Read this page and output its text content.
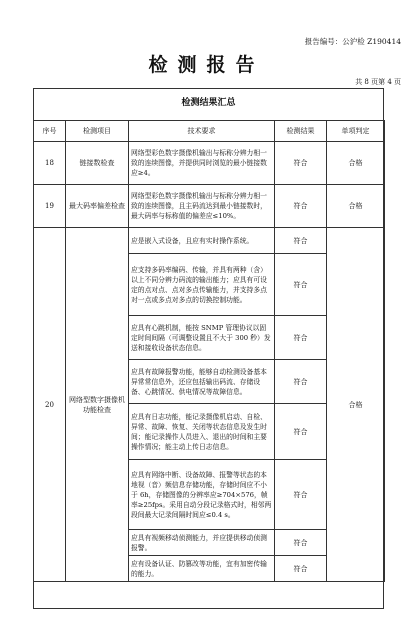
报告编号：公沪检 Z190414
检测报告
共 8 页第 4 页
检测结果汇总
序号	检测项目	技术要求	检测结果	单项判定
18	链接数检查	网络型彩色数字摄像机输出与标称分辨力相一致的连续图像，并提供同时浏览的最小链接数应≥4。	符合	合格
19	最大码率偏差检查	网络型彩色数字摄像机输出与标称分辨力相一致的连续图像，且主码流达到最小链接数时，最大码率与标称值的偏差应≤10%。	符合	合格
20	网络型数字摄像机功能检查	应是嵌入式设备，且应有实时操作系统。	符合	合格
		应支持多码率编码、传输，并具有两种（含）以上不同分辨力码流的输出能力；应具有可设定的点对点、点对多点传输能力，并支持多点对一点或多点对多点的切换控制功能。	符合	
		应具有心跳机制，能按 SNMP 管理协议以固定时间间隔（可调整设置且不大于 300 秒）发送和接收设备状态信息。	符合	
		应具有故障报警功能，能够自动检测设备基本异常常信息外，还应包括输出码流、存储设备、心跳情况、供电情况等故障信息。	符合	
		应具有日志功能，能记录摄像机启动、自检、异常、故障、恢复、关闭等状态信息及发生时间；能记录操作人员进入、退出的时间和主要操作情况；能主动上传日志信息。	符合	
		应具有网络中断、设备故障、报警等状态的本地视（音）频信息存储功能，存储时间应不小于 6h，存储图像的分辨率应≥704×576，帧率≥25fps。采用自动分段记录格式时，相邻两段间最大记录间隔时间应≤0.4 s。	符合	
		应具有视频移动侦测能力，并应提供移动侦测报警。	符合	
		应有设备认证、防篡改等功能，宜有加密传输的能力。	符合	
